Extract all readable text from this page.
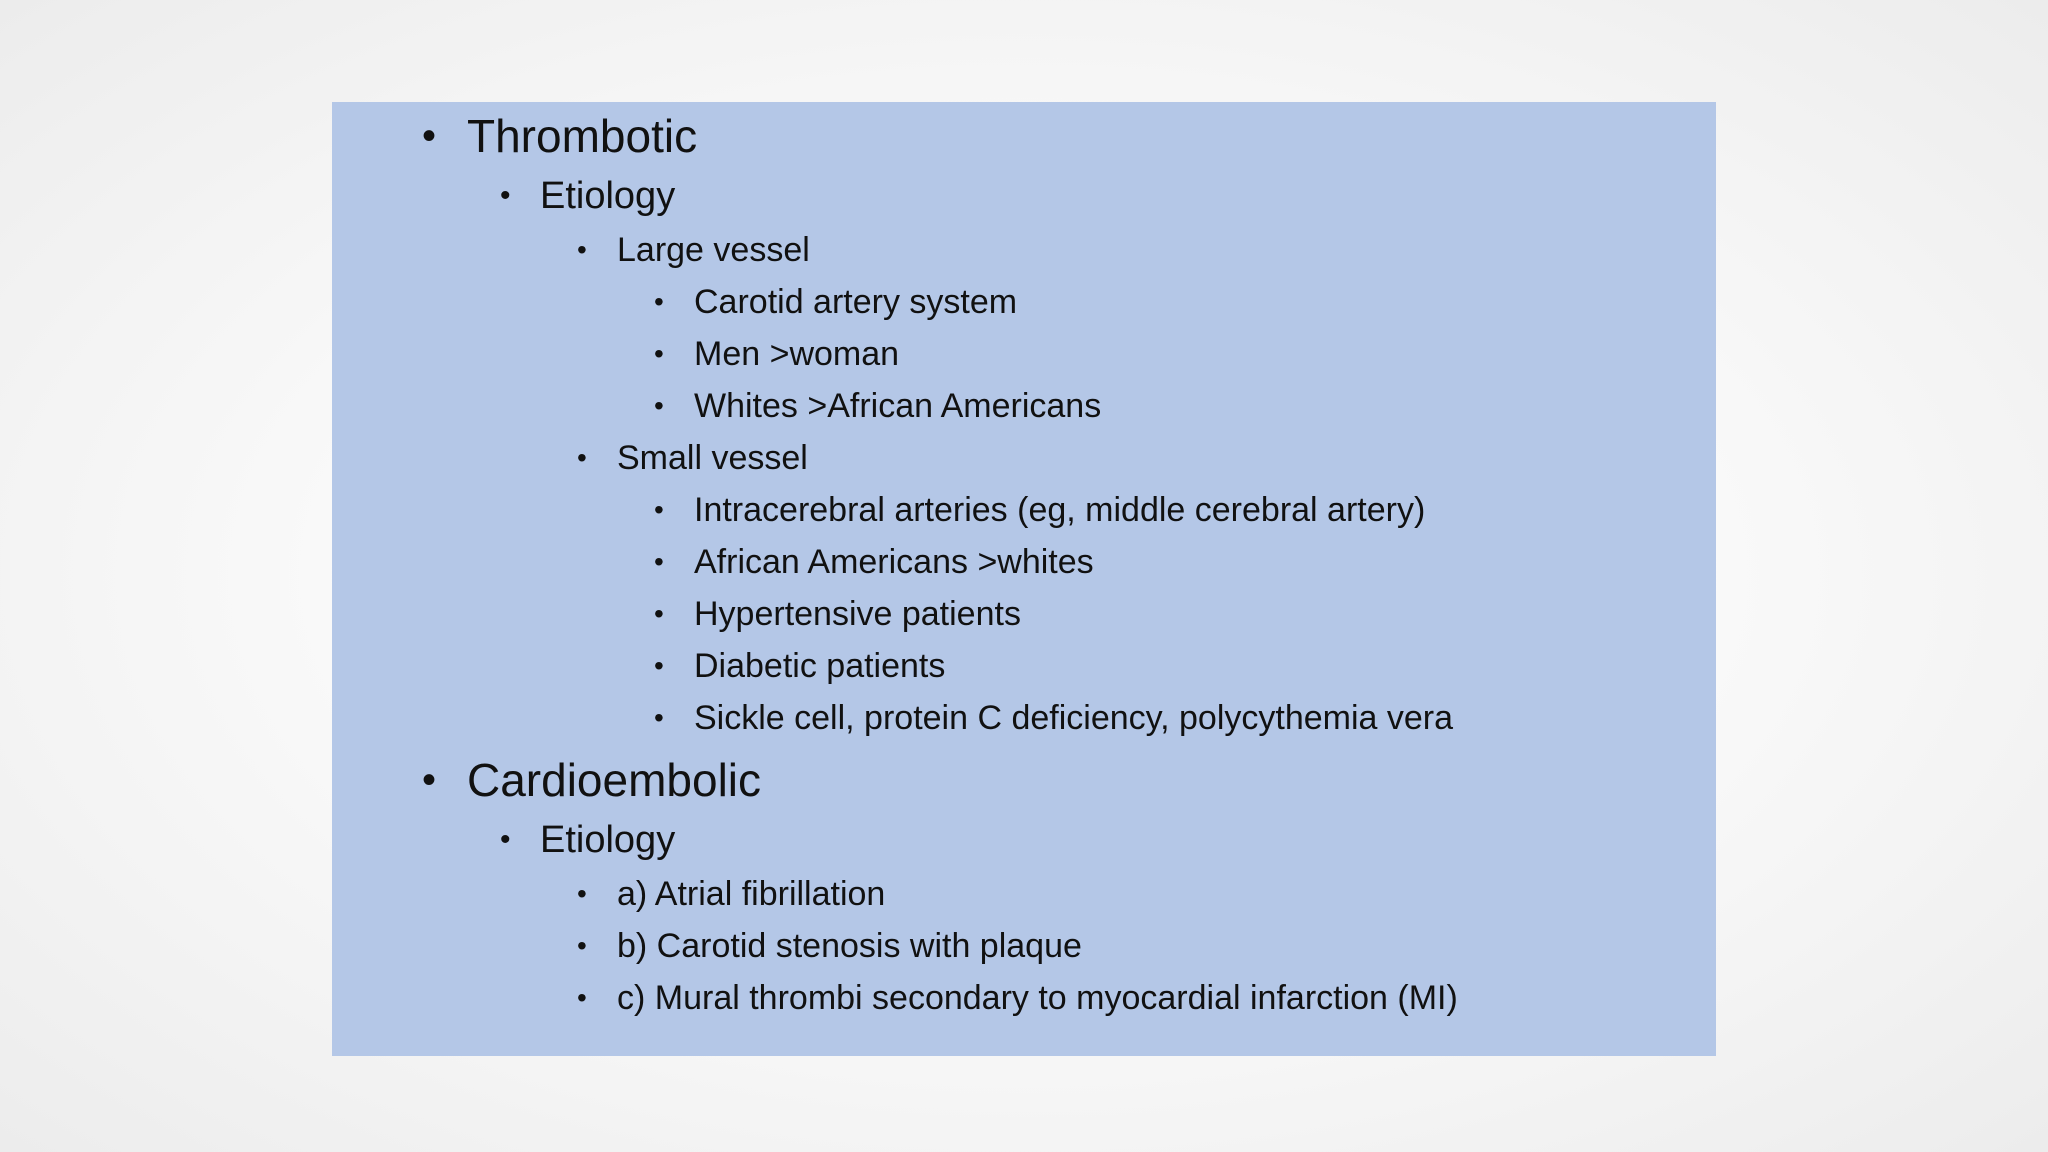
• Thrombotic
• Etiology
• Large vessel
• Carotid artery system
• Men >woman
• Whites >African Americans
• Small vessel
• Intracerebral arteries (eg, middle cerebral artery)
• African Americans >whites
• Hypertensive patients
• Diabetic patients
• Sickle cell, protein C deficiency, polycythemia vera
• Cardioembolic
• Etiology
• a) Atrial fibrillation
• b) Carotid stenosis with plaque
• c) Mural thrombi secondary to myocardial infarction (MI)
